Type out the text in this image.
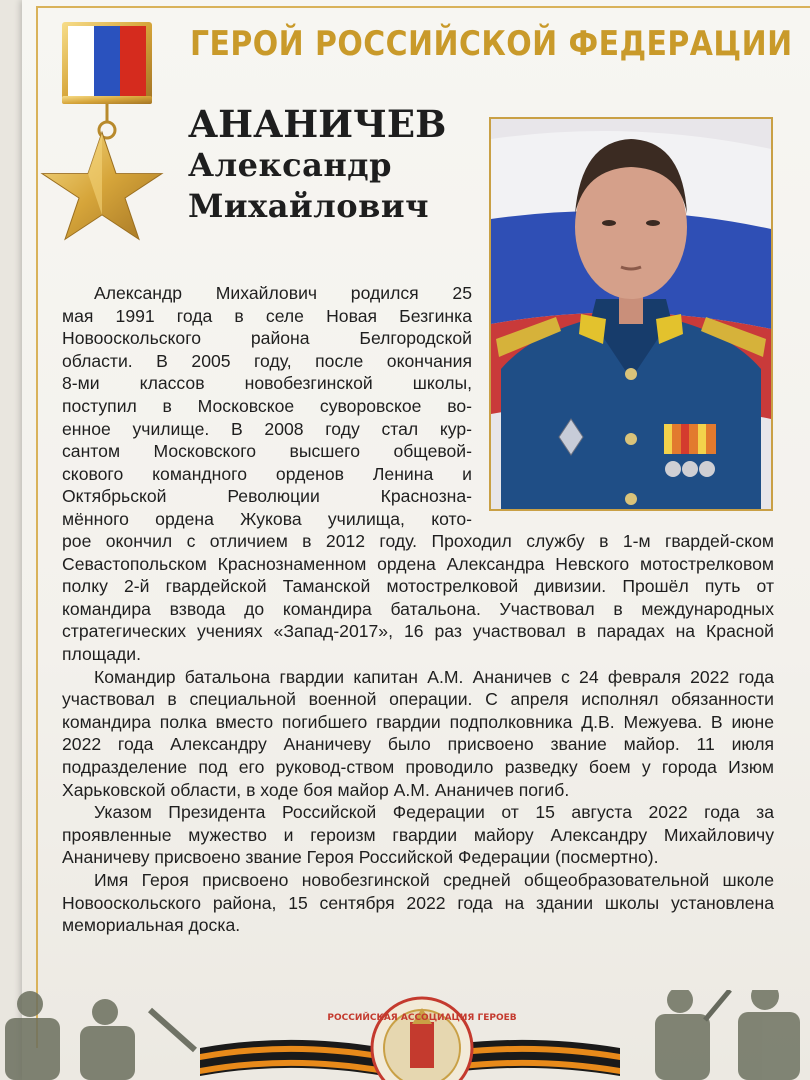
ГЕРОЙ РОССИЙСКОЙ ФЕДЕРАЦИИ
АНАНИЧЕВ
Александр
Михайлович
Александр Михайлович родился 25
мая 1991 года в селе Новая Безгинка
Новооскольского района Белгородской
области. В 2005 году, после окончания
8-ми классов новобезгинской школы,
поступил в Московское суворовское во-
енное училище. В 2008 году стал кур-
сантом Московского высшего общевой-
скового командного орденов Ленина и
Октябрьской Революции Краснозна-
мённого ордена Жукова училища, кото-

рое окончил с отличием в 2012 году. Проходил службу в 1-м гвардей-ском Севастопольском Краснознаменном ордена Александра Невского мотострелковом полку 2-й гвардейской Таманской мотострелковой дивизии. Прошёл путь от командира взвода до командира батальона. Участвовал в международных стратегических учениях «Запад-2017», 16 раз участвовал в парадах на Красной площади.

Командир батальона гвардии капитан А.М. Ананичев с 24 февраля 2022 года участвовал в специальной военной операции. С апреля исполнял обязанности командира полка вместо погибшего гвардии подполковника Д.В. Межуева. В июне 2022 года Александру Ананичеву было присвоено звание майор. 11 июля подразделение под его руковод-ством проводило разведку боем у города Изюм Харьковской области, в ходе боя майор А.М. Ананичев погиб.

Указом Президента Российской Федерации от 15 августа 2022 года за проявленные мужество и героизм гвардии майору Александру Михайловичу Ананичеву присвоено звание Героя Российской Федерации (посмертно).

Имя Героя присвоено новобезгинской средней общеобразовательной школе Новооскольского района, 15 сентября 2022 года на здании школы установлена мемориальная доска.

РОССИЙСКАЯ АССОЦИАЦИЯ ГЕРОЕВ
